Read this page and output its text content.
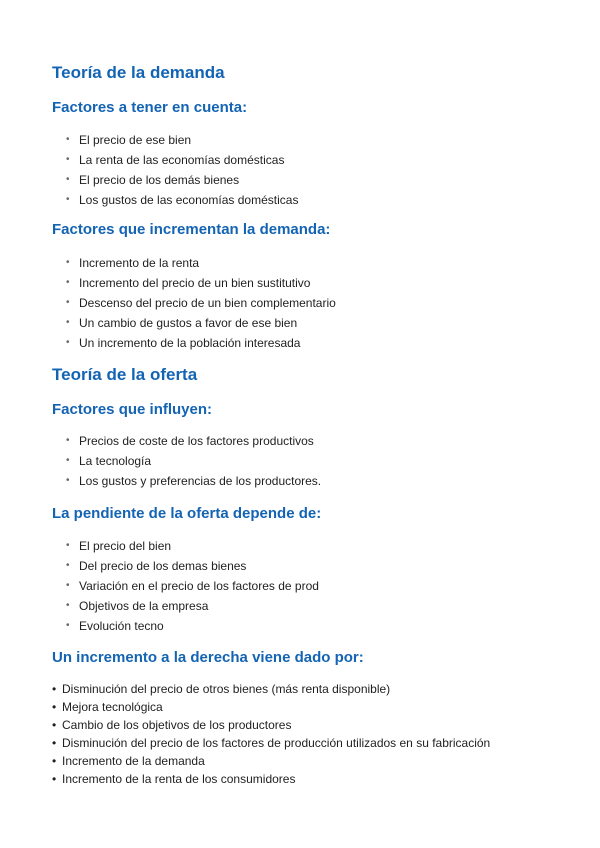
Teoría de la demanda
Factores a tener en cuenta:
• El precio de ese bien
• La renta de las economías domésticas
• El precio de los demás bienes
• Los gustos de las economías domésticas
Factores que incrementan la demanda:
• Incremento de la renta
• Incremento del precio de un bien sustitutivo
• Descenso del precio de un bien complementario
• Un cambio de gustos a favor de ese bien
• Un incremento de la población interesada
Teoría de la oferta
Factores que influyen:
• Precios de coste de los factores productivos
• La tecnología
• Los gustos y preferencias de los productores.
La pendiente de la oferta depende de:
• El precio del bien
• Del precio de los demas bienes
• Variación en el precio de los factores de prod
• Objetivos de la empresa
• Evolución tecno
Un incremento a la derecha viene dado por:
• Disminución del precio de otros bienes (más renta disponible)
• Mejora tecnológica
• Cambio de los objetivos de los productores
• Disminución del precio de los factores de producción utilizados en su fabricación
• Incremento de la demanda
• Incremento de la renta de los consumidores
